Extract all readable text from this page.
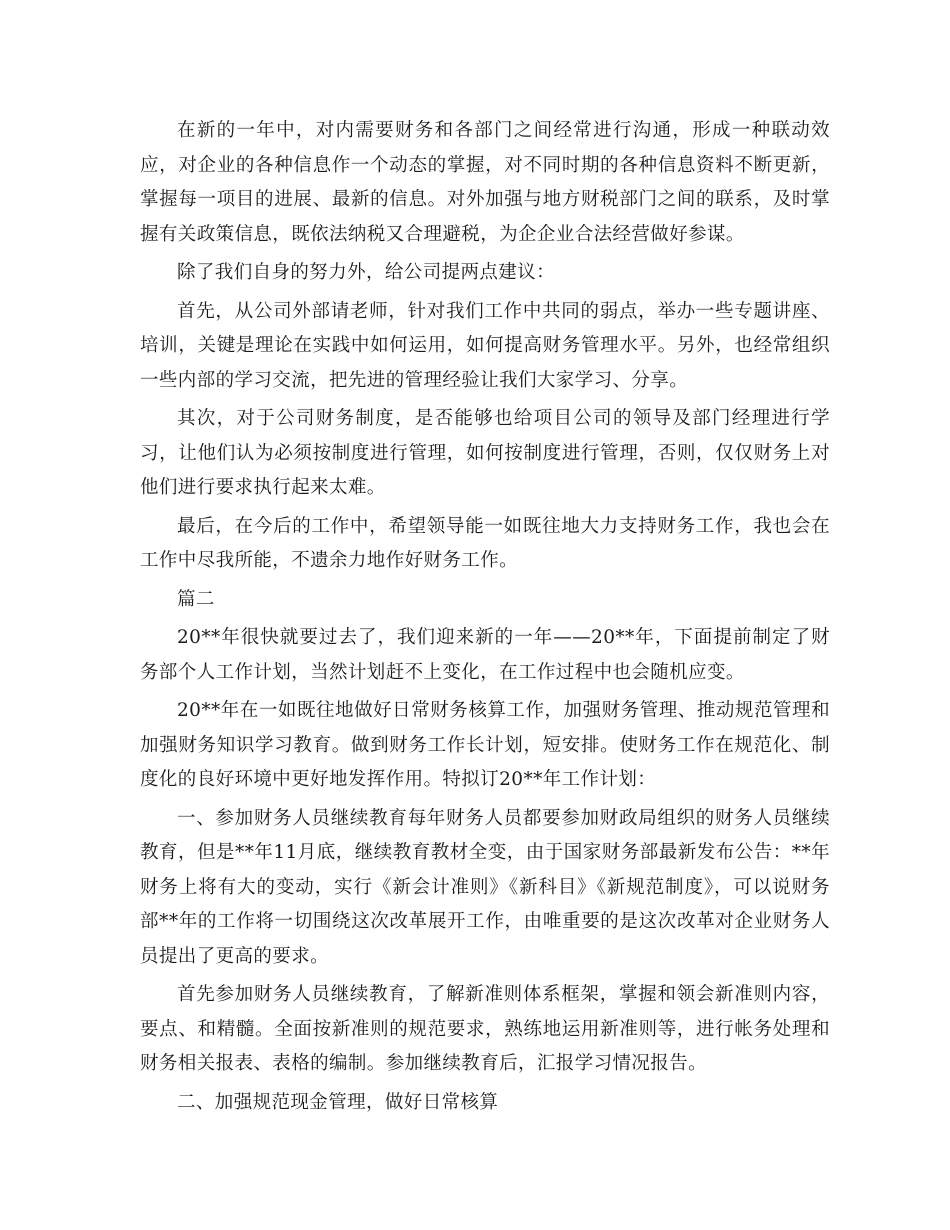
在新的一年中，对内需要财务和各部门之间经常进行沟通，形成一种联动效应，对企业的各种信息作一个动态的掌握，对不同时期的各种信息资料不断更新，掌握每一项目的进展、最新的信息。对外加强与地方财税部门之间的联系，及时掌握有关政策信息，既依法纳税又合理避税，为企企业合法经营做好参谋。

除了我们自身的努力外，给公司提两点建议：

首先，从公司外部请老师，针对我们工作中共同的弱点，举办一些专题讲座、培训，关键是理论在实践中如何运用，如何提高财务管理水平。另外，也经常组织一些内部的学习交流，把先进的管理经验让我们大家学习、分享。

其次，对于公司财务制度，是否能够也给项目公司的领导及部门经理进行学习，让他们认为必须按制度进行管理，如何按制度进行管理，否则，仅仅财务上对他们进行要求执行起来太难。

最后，在今后的工作中，希望领导能一如既往地大力支持财务工作，我也会在工作中尽我所能，不遗余力地作好财务工作。

篇二

20**年很快就要过去了，我们迎来新的一年——20**年，下面提前制定了财务部个人工作计划，当然计划赶不上变化，在工作过程中也会随机应变。

20**年在一如既往地做好日常财务核算工作，加强财务管理、推动规范管理和加强财务知识学习教育。做到财务工作长计划，短安排。使财务工作在规范化、制度化的良好环境中更好地发挥作用。特拟订20**年工作计划：

一、参加财务人员继续教育每年财务人员都要参加财政局组织的财务人员继续教育，但是**年11月底，继续教育教材全变，由于国家财务部最新发布公告：**年财务上将有大的变动，实行《新会计准则》《新科目》《新规范制度》，可以说财务部**年的工作将一切围绕这次改革展开工作，由唯重要的是这次改革对企业财务人员提出了更高的要求。

首先参加财务人员继续教育，了解新准则体系框架，掌握和领会新准则内容，要点、和精髓。全面按新准则的规范要求，熟练地运用新准则等，进行帐务处理和财务相关报表、表格的编制。参加继续教育后，汇报学习情况报告。

二、加强规范现金管理，做好日常核算
